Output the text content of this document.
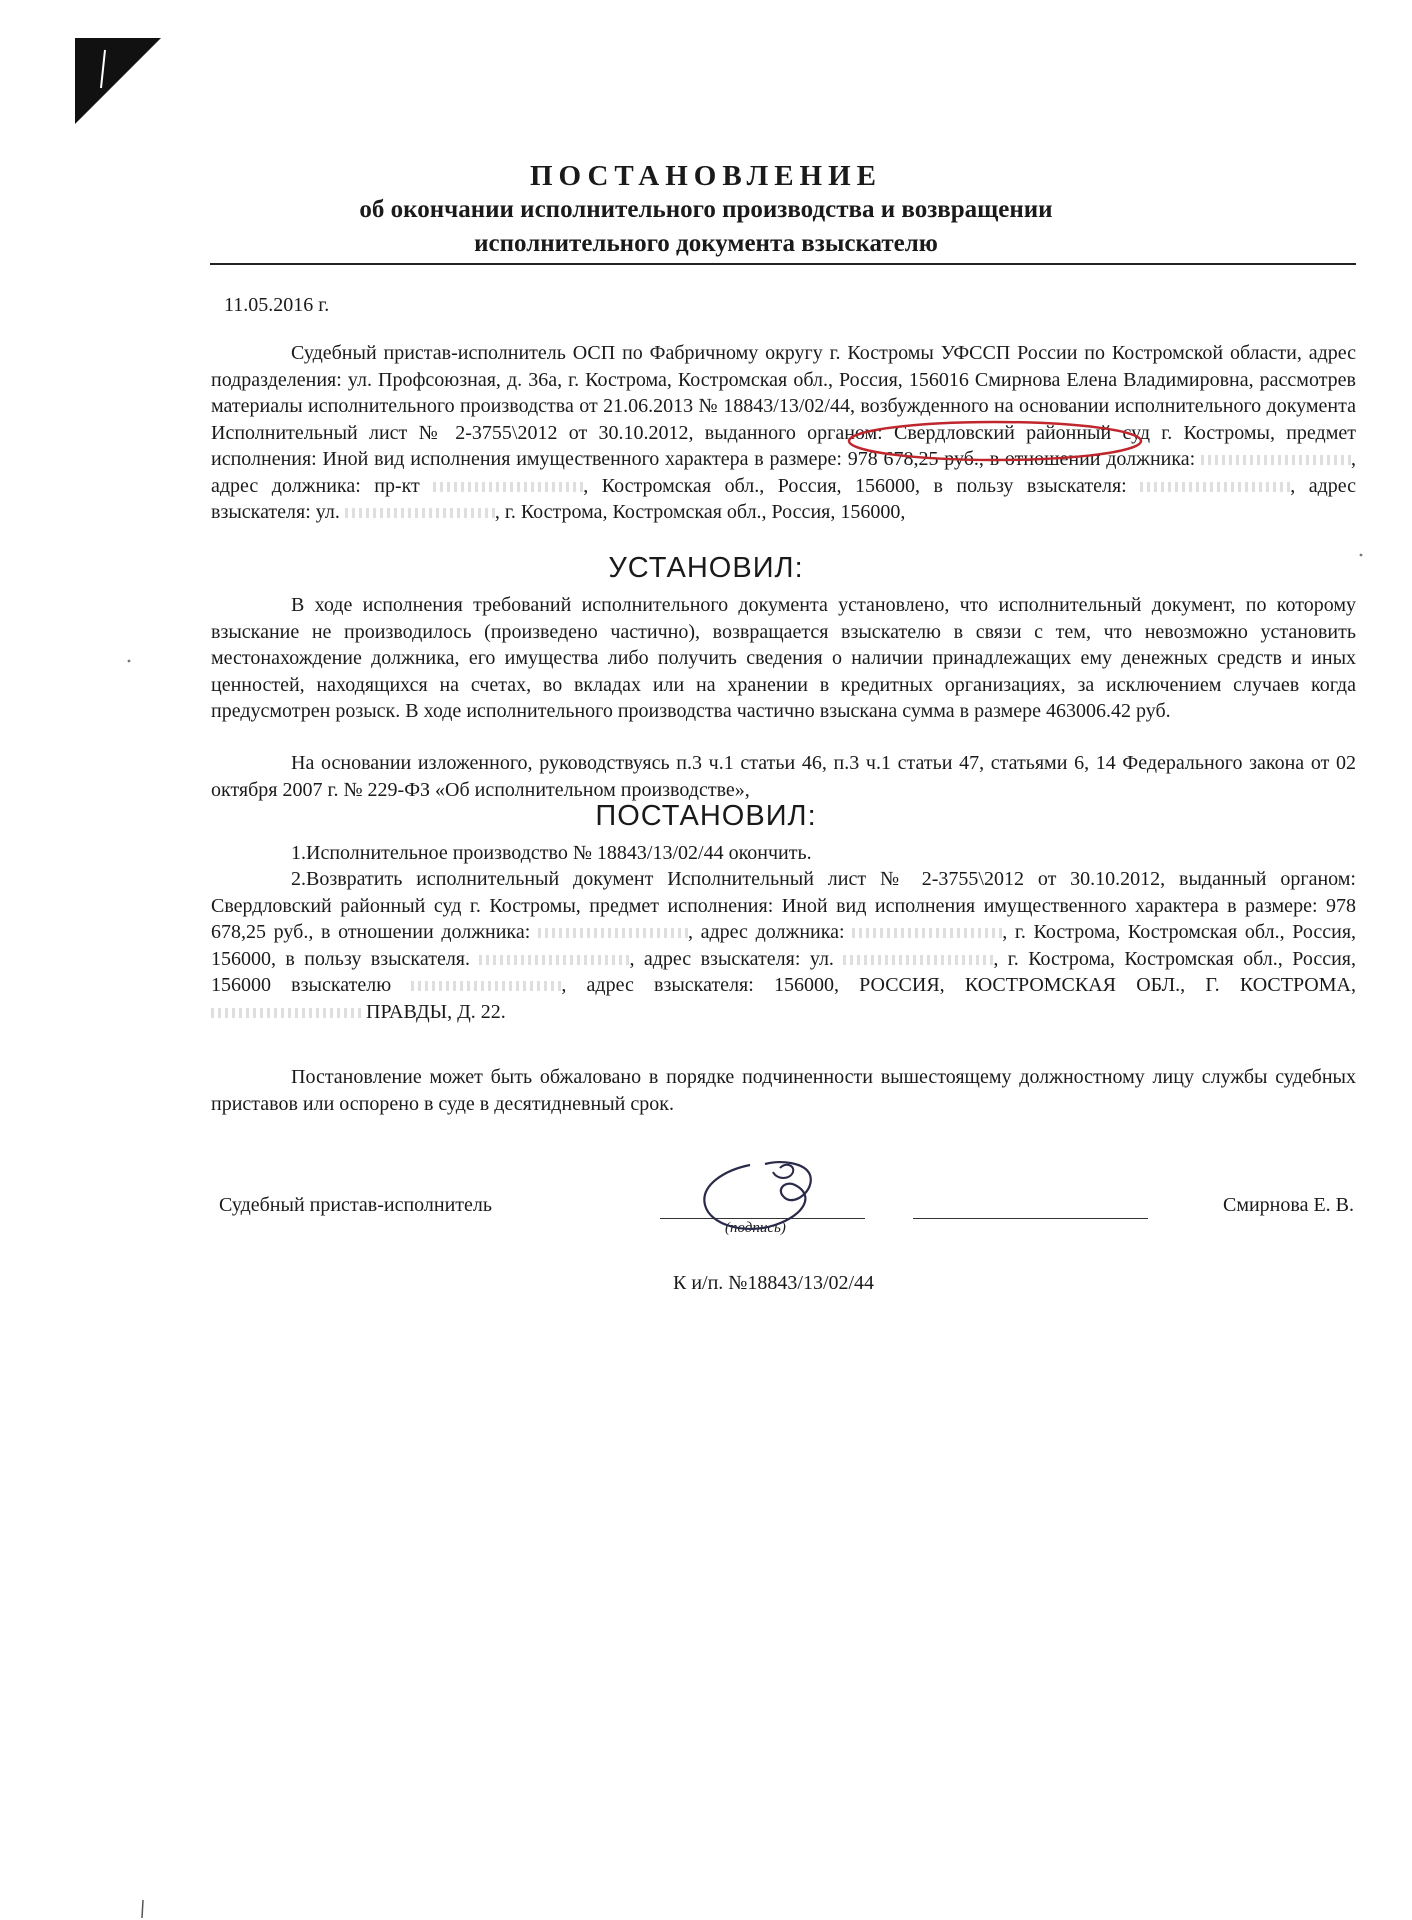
ПОСТАНОВЛЕНИЕ
об окончании исполнительного производства и возвращении
исполнительного документа взыскателю
11.05.2016 г.
Судебный пристав-исполнитель ОСП по Фабричному округу г. Костромы УФССП России по Костромской области, адрес подразделения: ул. Профсоюзная, д. 36а, г. Кострома, Костромская обл., Россия, 156016 Смирнова Елена Владимировна, рассмотрев материалы исполнительного производства от 21.06.2013 № 18843/13/02/44, возбужденного на основании исполнительного документа Исполнительный лист № 2-3755\2012 от 30.10.2012, выданного органом: Свердловский районный суд г. Костромы, предмет исполнения: Иной вид исполнения имущественного характера в размере: 978 678,25 руб., в отношении должника:	, адрес должника: пр-кт	, Костромская обл., Россия, 156000, в пользу взыскателя:	, адрес взыскателя: ул.	, г. Кострома, Костромская обл., Россия, 156000,
УСТАНОВИЛ:
В ходе исполнения требований исполнительного документа установлено, что исполнительный документ, по которому взыскание не производилось (произведено частично), возвращается взыскателю в связи с тем, что невозможно установить местонахождение должника, его имущества либо получить сведения о наличии принадлежащих ему денежных средств и иных ценностей, находящихся на счетах, во вкладах или на хранении в кредитных организациях, за исключением случаев когда предусмотрен розыск. В ходе исполнительного производства частично взыскана сумма в размере 463006.42 руб.
На основании изложенного, руководствуясь п.3 ч.1 статьи 46, п.3 ч.1 статьи 47, статьями 6, 14 Федерального закона от 02 октября 2007 г. № 229-ФЗ «Об исполнительном производстве»,
ПОСТАНОВИЛ:
1.Исполнительное производство № 18843/13/02/44 окончить.
2.Возвратить исполнительный документ Исполнительный лист № 2-3755\2012 от 30.10.2012, выданный органом: Свердловский районный суд г. Костромы, предмет исполнения: Иной вид исполнения имущественного характера в размере: 978 678,25 руб., в отношении должника:	, адрес должника:	, г. Кострома, Костромская обл., Россия, 156000, в пользу взыскателя.	, адрес взыскателя: ул.	, г. Кострома, Костромская обл., Россия, 156000 взыскателю	, адрес взыскателя: 156000, РОССИЯ, КОСТРОМСКАЯ ОБЛ., Г. КОСТРОМА,  ПРАВДЫ, Д. 22.
Постановление может быть обжаловано в порядке подчиненности вышестоящему должностному лицу службы судебных приставов или оспорено в суде в десятидневный срок.
Судебный пристав-исполнитель
(подпись)
Смирнова Е. В.
К и/п. №18843/13/02/44
